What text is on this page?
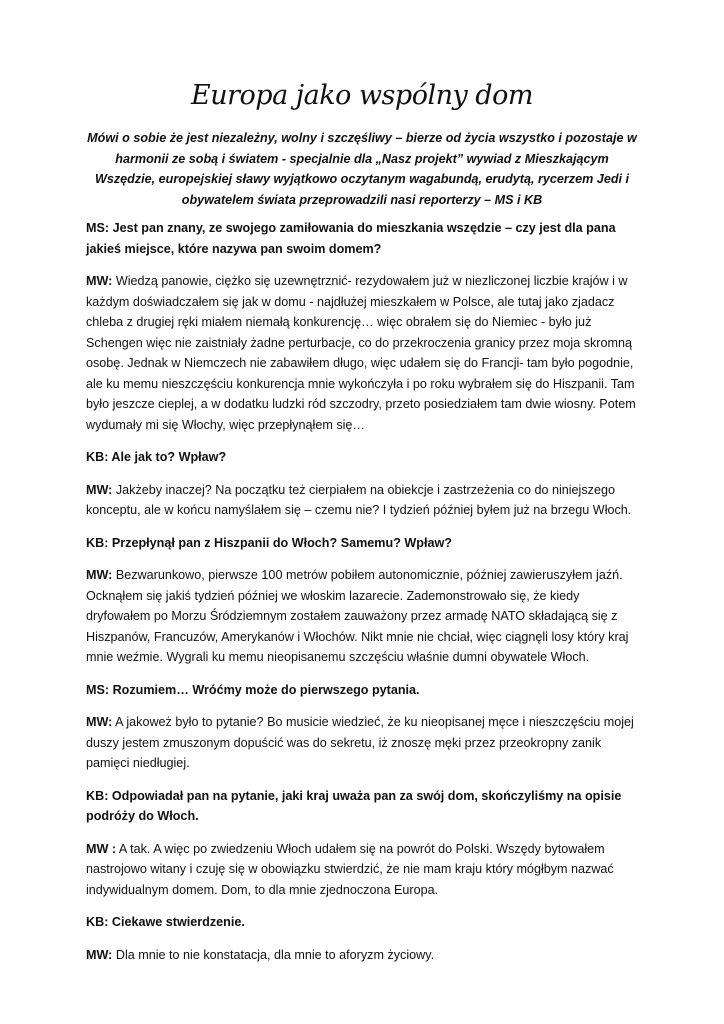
Europa jako wspólny dom

Mówi o sobie że jest niezależny, wolny i szczęśliwy – bierze od życia wszystko i pozostaje w harmonii ze sobą i światem - specjalnie dla „Nasz projekt” wywiad z Mieszkającym Wszędzie, europejskiej sławy wyjątkowo oczytanym wagabundą, erudytą, rycerzem Jedi i obywatelem świata przeprowadzili nasi reporterzy – MS i KB

MS: Jest pan znany, ze swojego zamiłowania do mieszkania wszędzie – czy jest dla pana jakieś miejsce, które nazywa pan swoim domem?

MW: Wiedzą panowie, ciężko się uzewnętrznić- rezydowałem już w niezliczonej liczbie krajów i w każdym doświadczałem się jak w domu - najdłużej mieszkałem w Polsce, ale tutaj jako zjadacz chleba z drugiej ręki miałem niemałą konkurencję… więc obrałem się do Niemiec - było już Schengen więc nie zaistniały żadne perturbacje, co do przekroczenia granicy przez moja skromną osobę. Jednak w Niemczech nie zabawiłem długo, więc udałem się do Francji- tam było pogodnie, ale ku memu nieszczęściu konkurencja mnie wykończyła i po roku wybrałem się do Hiszpanii. Tam było jeszcze cieplej, a w dodatku ludzki ród szczodry, przeto posiedziałem tam dwie wiosny. Potem wydumały mi się Włochy, więc przepłynąłem się…

KB: Ale jak to? Wpław?

MW: Jakżeby inaczej? Na początku też cierpiałem na obiekcje i zastrzeżenia co do niniejszego konceptu, ale w końcu namyślałem się – czemu nie? I tydzień później byłem już na brzegu Włoch.

KB: Przepłynął pan z Hiszpanii do Włoch? Samemu? Wpław?

MW: Bezwarunkowo, pierwsze 100 metrów pobiłem autonomicznie, później zawieruszyłem jaźń. Ocknąłem się jakiś tydzień później we włoskim lazarecie. Zademonstrowało się, że kiedy dryfowałem po Morzu Śródziemnym zostałem zauważony przez armadę NATO składającą się z Hiszpanów, Francuzów, Amerykanów i Włochów. Nikt mnie nie chciał, więc ciągnęli losy który kraj mnie weźmie. Wygrali ku memu nieopisanemu szczęściu właśnie dumni obywatele Włoch.

MS: Rozumiem… Wróćmy może do pierwszego pytania.

MW: A jakoweż było to pytanie? Bo musicie wiedzieć, że ku nieopisanej męce i nieszczęściu mojej duszy jestem zmuszonym dopuścić was do sekretu, iż znoszę męki przez przeokropny zanik pamięci niedługiej.

KB: Odpowiadał pan na pytanie, jaki kraj uważa pan za swój dom, skończyliśmy na opisie podróży do Włoch.

MW : A tak. A więc po zwiedzeniu Włoch udałem się na powrót do Polski. Wszędy bytowałem nastrojowo witany i czuję się w obowiązku stwierdzić, że nie mam kraju który mógłbym nazwać indywidualnym domem. Dom, to dla mnie zjednoczona Europa.

KB: Ciekawe stwierdzenie.

MW: Dla mnie to nie konstatacja, dla mnie to aforyzm życiowy.
